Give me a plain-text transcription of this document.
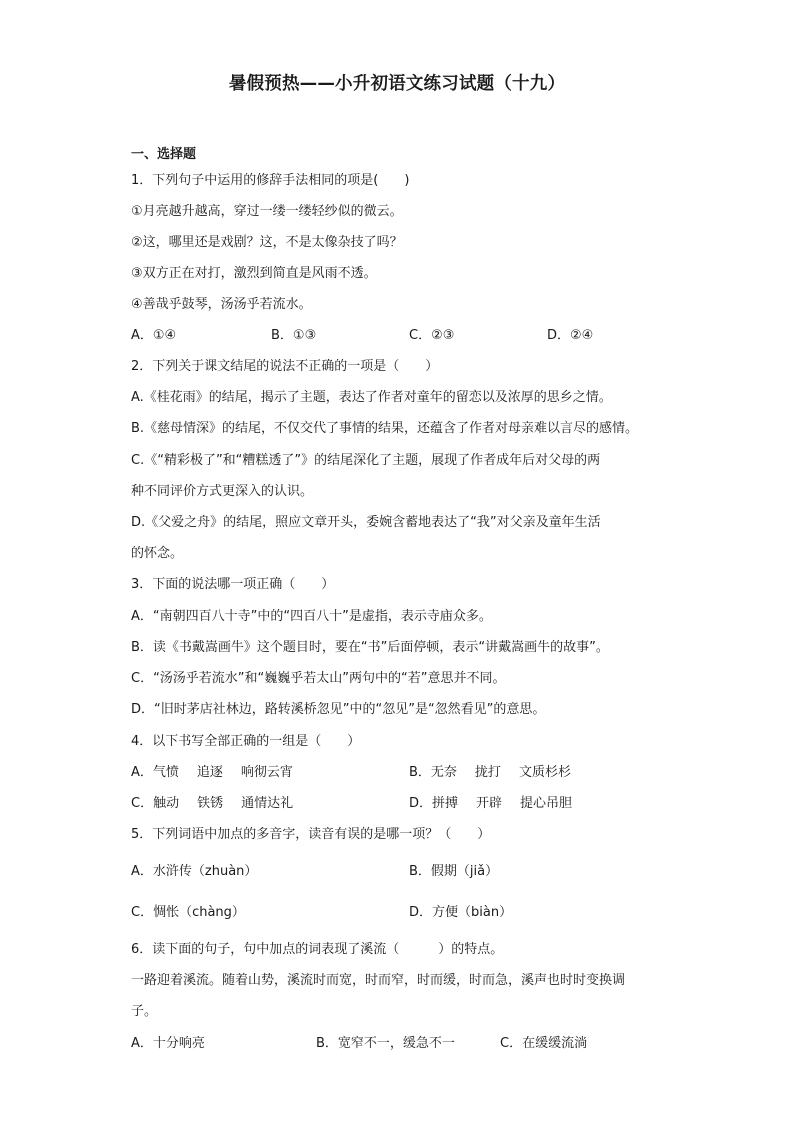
暑假预热——小升初语文练习试题（十九）
一、选择题
1．下列句子中运用的修辞手法相同的项是(　　)
①月亮越升越高，穿过一缕一缕轻纱似的微云。
②这，哪里还是戏剧？这，不是太像杂技了吗？
③双方正在对打，激烈到简直是风雨不透。
④善哉乎鼓琴，汤汤乎若流水。
A．①④	B．①③	C．②③	D．②④
2．下列关于课文结尾的说法不正确的一项是（　　）
A.《桂花雨》的结尾，揭示了主题，表达了作者对童年的留恋以及浓厚的思乡之情。
B.《慈母情深》的结尾，不仅交代了事情的结果，还蕴含了作者对母亲难以言尽的感情。
C.《“精彩极了”和“糟糕透了”》的结尾深化了主题，展现了作者成年后对父母的两
种不同评价方式更深入的认识。
D.《父爱之舟》的结尾，照应文章开头，委婉含蓄地表达了“我”对父亲及童年生活
的怀念。
3．下面的说法哪一项正确（　　）
A．“南朝四百八十寺”中的“四百八十”是虚指，表示寺庙众多。
B．读《书戴嵩画牛》这个题目时，要在“书”后面停顿，表示“讲戴嵩画牛的故事”。
C．“汤汤乎若流水”和“巍巍乎若太山”两句中的“若”意思并不同。
D．“旧时茅店社林边，路转溪桥忽见”中的“忽见”是“忽然看见”的意思。
4．以下书写全部正确的一组是（　　）
A．气愤 追逐 响彻云宵	B．无奈 拢打 文质杉杉
C．触动 铁锈 通情达礼	D．拼搏 开辟 提心吊胆
5．下列词语中加点的多音字，读音有误的是哪一项？（　　）
A．水浒传（zhuàn）	B．假期（jiǎ）
C．惆怅（chàng）	D．方便（biàn）
6．读下面的句子，句中加点的词表现了溪流（　　　）的特点。
一路迎着溪流。随着山势，溪流时而宽，时而窄，时而缓，时而急，溪声也时时变换调
子。
A．十分响亮	B．宽窄不一，缓急不一	C．在缓缓流淌
